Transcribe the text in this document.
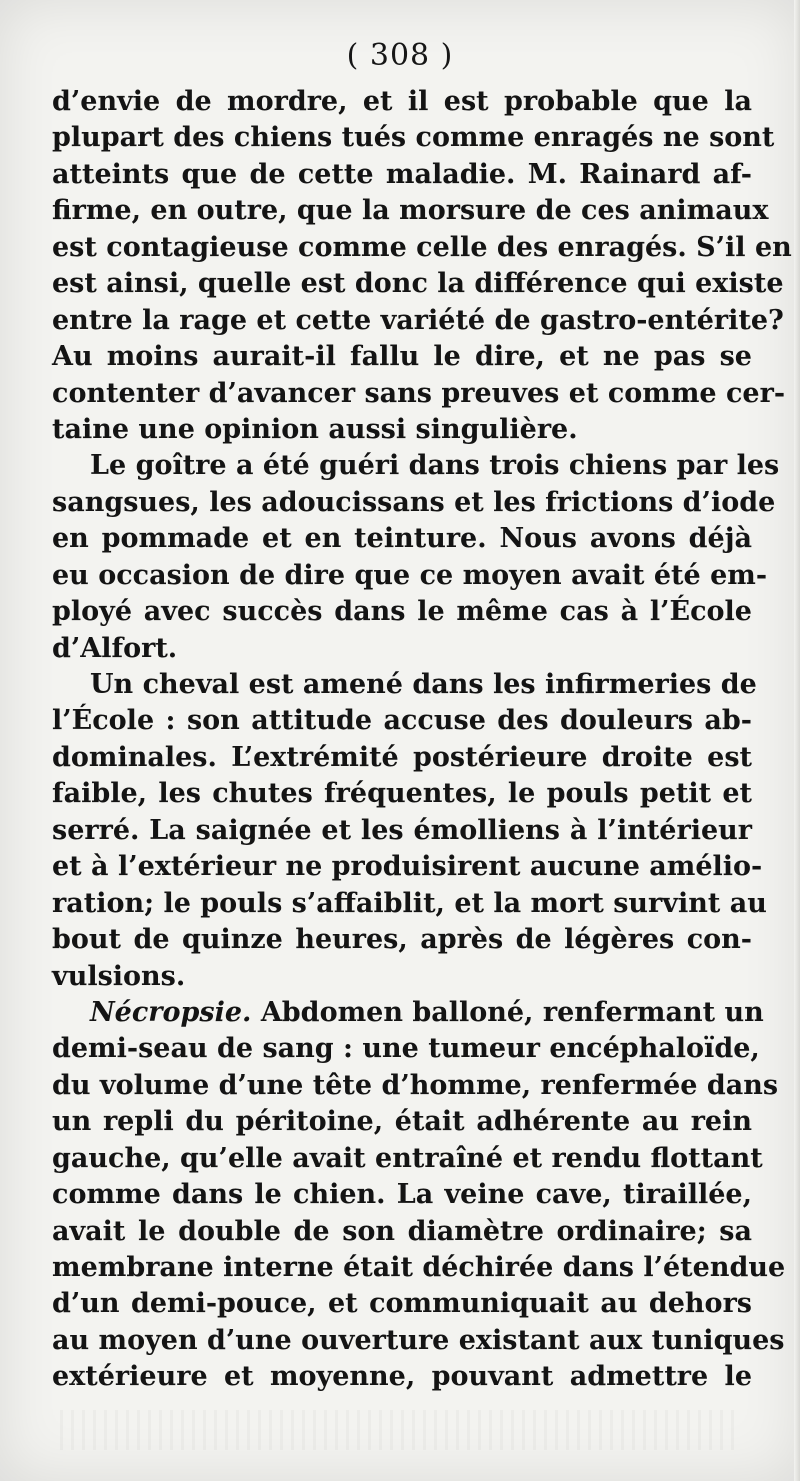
( 308 )
d’envie de mordre, et il est probable que la
plupart des chiens tués comme enragés ne sont
atteints que de cette maladie. M. Rainard af-
firme, en outre, que la morsure de ces animaux
est contagieuse comme celle des enragés. S’il en
est ainsi, quelle est donc la différence qui existe
entre la rage et cette variété de gastro-entérite?
Au moins aurait-il fallu le dire, et ne pas se
contenter d’avancer sans preuves et comme cer-
taine une opinion aussi singulière.
Le goître a été guéri dans trois chiens par les
sangsues, les adoucissans et les frictions d’iode
en pommade et en teinture. Nous avons déjà
eu occasion de dire que ce moyen avait été em-
ployé avec succès dans le même cas à l’École
d’Alfort.
Un cheval est amené dans les infirmeries de
l’École : son attitude accuse des douleurs ab-
dominales. L’extrémité postérieure droite est
faible, les chutes fréquentes, le pouls petit et
serré. La saignée et les émolliens à l’intérieur
et à l’extérieur ne produisirent aucune amélio-
ration; le pouls s’affaiblit, et la mort survint au
bout de quinze heures, après de légères con-
vulsions.
Nécropsie. Abdomen balloné, renfermant un
demi-seau de sang : une tumeur encéphaloïde,
du volume d’une tête d’homme, renfermée dans
un repli du péritoine, était adhérente au rein
gauche, qu’elle avait entraîné et rendu flottant
comme dans le chien. La veine cave, tiraillée,
avait le double de son diamètre ordinaire; sa
membrane interne était déchirée dans l’étendue
d’un demi-pouce, et communiquait au dehors
au moyen d’une ouverture existant aux tuniques
extérieure et moyenne, pouvant admettre le
